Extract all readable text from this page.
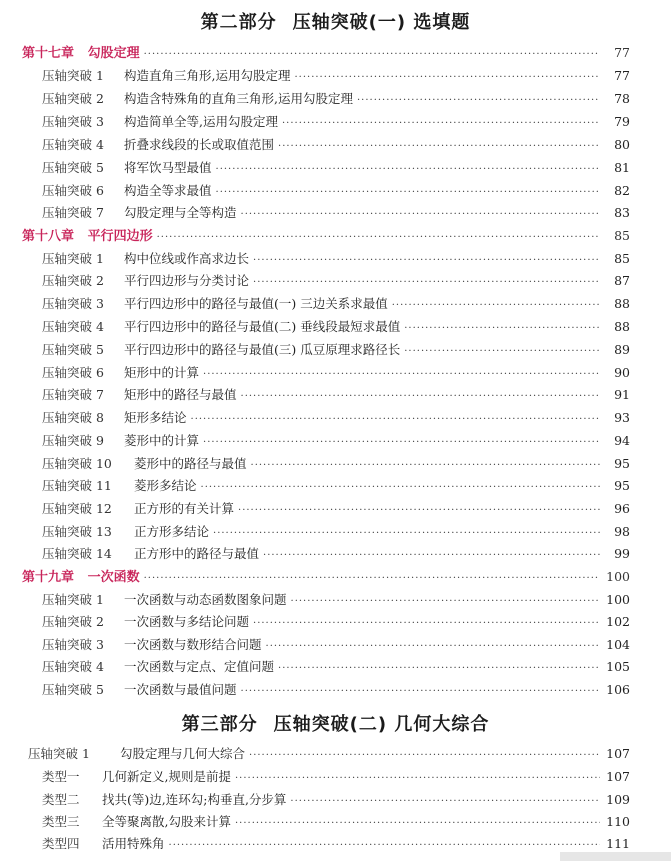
第二部分 压轴突破(一) 选填题
第十七章 勾股定理 ·····	77
压轴突破 1 构造直角三角形,运用勾股定理 ·····	77
压轴突破 2 构造含特殊角的直角三角形,运用勾股定理 ·····	78
压轴突破 3 构造简单全等,运用勾股定理 ·····	79
压轴突破 4 折叠求线段的长或取值范围 ·····	80
压轴突破 5 将军饮马型最值 ·····	81
压轴突破 6 构造全等求最值 ·····	82
压轴突破 7 勾股定理与全等构造 ·····	83
第十八章 平行四边形 ·····	85
压轴突破 1 构中位线或作高求边长 ·····	85
压轴突破 2 平行四边形与分类讨论 ·····	87
压轴突破 3 平行四边形中的路径与最值(一) 三边关系求最值 ·····	88
压轴突破 4 平行四边形中的路径与最值(二) 垂线段最短求最值 ·····	88
压轴突破 5 平行四边形中的路径与最值(三) 瓜豆原理求路径长 ·····	89
压轴突破 6 矩形中的计算 ·····	90
压轴突破 7 矩形中的路径与最值 ·····	91
压轴突破 8 矩形多结论 ·····	93
压轴突破 9 菱形中的计算 ·····	94
压轴突破 10 菱形中的路径与最值 ·····	95
压轴突破 11 菱形多结论 ·····	95
压轴突破 12 正方形的有关计算 ·····	96
压轴突破 13 正方形多结论 ·····	98
压轴突破 14 正方形中的路径与最值 ·····	99
第十九章 一次函数 ·····	100
压轴突破 1 一次函数与动态函数图象问题 ·····	100
压轴突破 2 一次函数与多结论问题 ·····	102
压轴突破 3 一次函数与数形结合问题 ·····	104
压轴突破 4 一次函数与定点、定值问题 ·····	105
压轴突破 5 一次函数与最值问题 ·····	106
第三部分 压轴突破(二) 几何大综合
压轴突破 1 勾股定理与几何大综合 ·····	107
类型一 几何新定义,规则是前提 ·····	107
类型二 找共(等)边,连环勾;构垂直,分步算 ·····	109
类型三 全等聚离散,勾股来计算 ·····	110
类型四 活用特殊角 ·····	111
